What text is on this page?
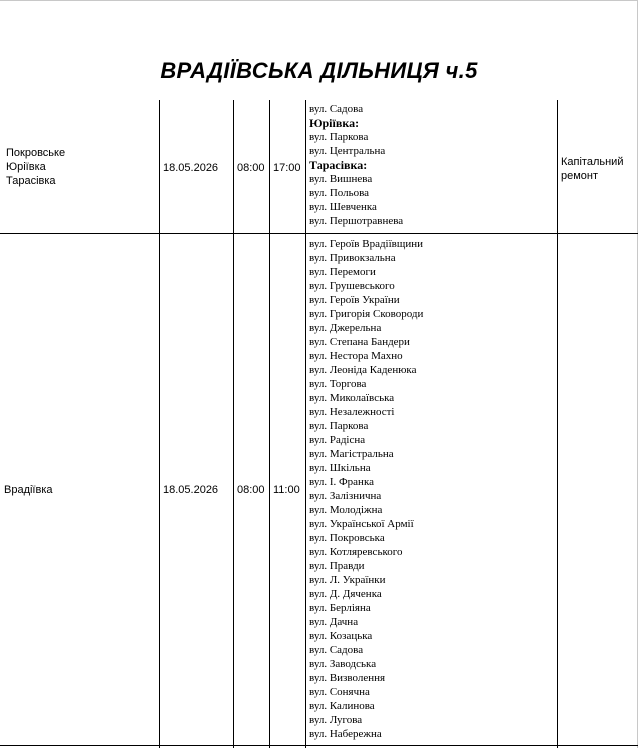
ВРАДІЇВСЬКА ДІЛЬНИЦЯ ч.5
Покровське
Юріївка
Тарасівка
18.05.2026 08:00 17:00	Капітальний ремонт
вул. Садова
Юріївка:
вул. Паркова
вул. Центральна
Тарасівка:
вул. Вишнева
вул. Польова
вул. Шевченка
вул. Першотравнева
Врадіївка	18.05.2026 08:00 11:00
вул. Героїв Врадіївщини
вул. Привокзальна
вул. Перемоги
вул. Грушевського
вул. Героїв України
вул. Григорія Сковороди
вул. Джерельна
вул. Степана Бандери
вул. Нестора Махно
вул. Леоніда Каденюка
вул. Торгова
вул. Миколаївська
вул. Незалежності
вул. Паркова
вул. Радісна
вул. Магістральна
вул. Шкільна
вул. І. Франка
вул. Залізнична
вул. Молодіжна
вул. Української Армії
вул. Покровська
вул. Котляревського
вул. Правди
вул. Л. Українки
вул. Д. Дяченка
вул. Берліяна
вул. Дачна
вул. Козацька
вул. Садова
вул. Заводська
вул. Визволення
вул. Сонячна
вул. Калинова
вул. Лугова
вул. Набережна
